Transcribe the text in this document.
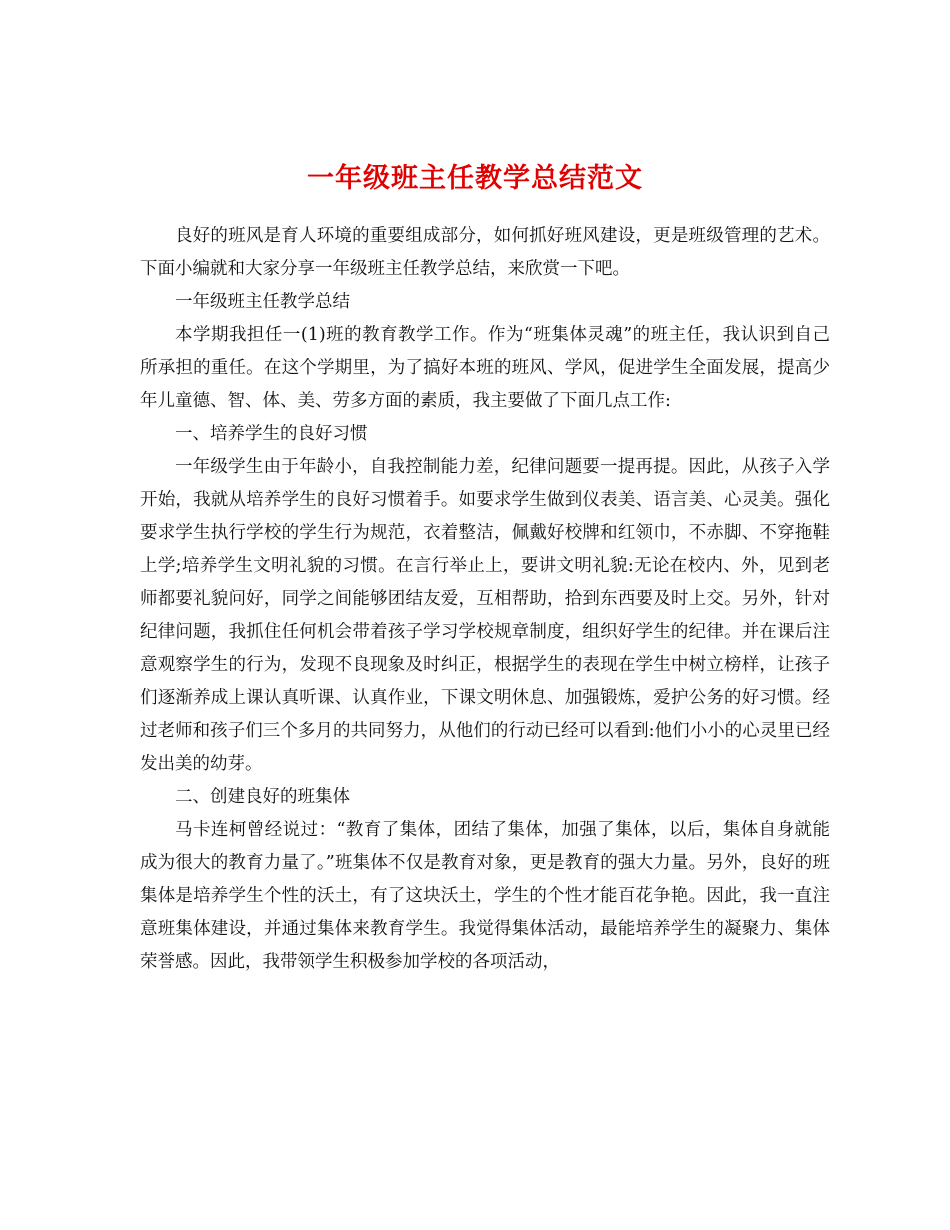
一年级班主任教学总结范文

良好的班风是育人环境的重要组成部分，如何抓好班风建设，更是班级管理的艺术。下面小编就和大家分享一年级班主任教学总结，来欣赏一下吧。

一年级班主任教学总结

本学期我担任一(1)班的教育教学工作。作为“班集体灵魂”的班主任，我认识到自己所承担的重任。在这个学期里，为了搞好本班的班风、学风，促进学生全面发展，提高少年儿童德、智、体、美、劳多方面的素质，我主要做了下面几点工作:

一、培养学生的良好习惯

一年级学生由于年龄小，自我控制能力差，纪律问题要一提再提。因此，从孩子入学开始，我就从培养学生的良好习惯着手。如要求学生做到仪表美、语言美、心灵美。强化要求学生执行学校的学生行为规范，衣着整洁，佩戴好校牌和红领巾，不赤脚、不穿拖鞋上学;培养学生文明礼貌的习惯。在言行举止上，要讲文明礼貌:无论在校内、外，见到老师都要礼貌问好，同学之间能够团结友爱，互相帮助，拾到东西要及时上交。另外，针对纪律问题，我抓住任何机会带着孩子学习学校规章制度，组织好学生的纪律。并在课后注意观察学生的行为，发现不良现象及时纠正，根据学生的表现在学生中树立榜样，让孩子们逐渐养成上课认真听课、认真作业，下课文明休息、加强锻炼，爱护公务的好习惯。经过老师和孩子们三个多月的共同努力，从他们的行动已经可以看到:他们小小的心灵里已经发出美的幼芽。

二、创建良好的班集体

马卡连柯曾经说过：“教育了集体，团结了集体，加强了集体，以后，集体自身就能成为很大的教育力量了。”班集体不仅是教育对象，更是教育的强大力量。另外，良好的班集体是培养学生个性的沃土，有了这块沃土，学生的个性才能百花争艳。因此，我一直注意班集体建设，并通过集体来教育学生。我觉得集体活动，最能培养学生的凝聚力、集体荣誉感。因此，我带领学生积极参加学校的各项活动，
